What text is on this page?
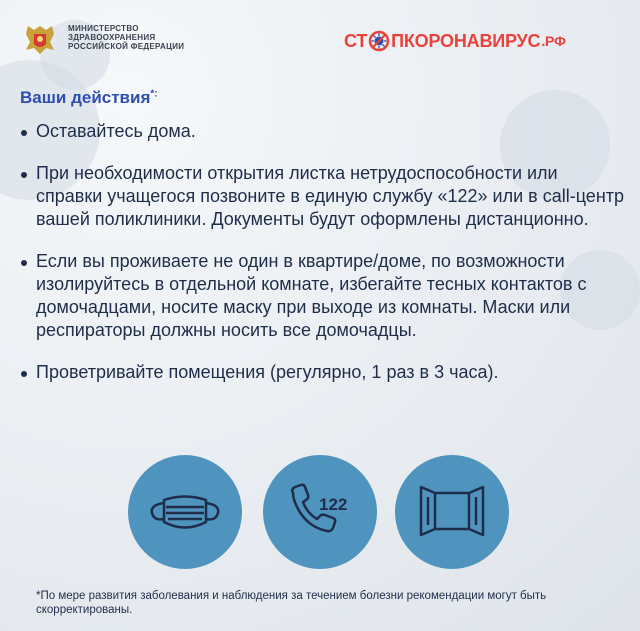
МИНИСТЕРСТВО
ЗДРАВООХРАНЕНИЯ
РОССИЙСКОЙ ФЕДЕРАЦИИ	СТ ПКОРОНАВИРУС .РФ
Ваши действия*:
Оставайтесь дома.
При необходимости открытия листка нетрудоспособности или справки учащегося позвоните в единую службу «122» или в call-центр вашей поликлиники. Документы будут оформлены дистанционно.
Если вы проживаете не один в квартире/доме, по возможности изолируйтесь в отдельной комнате, избегайте тесных контактов с домочадцами, носите маску при выходе из комнаты. Маски или респираторы должны носить все домочадцы.
Проветривайте помещения (регулярно, 1 раз в 3 часа).
122
*По мере развития заболевания и наблюдения за течением болезни рекомендации могут быть скорректированы.
